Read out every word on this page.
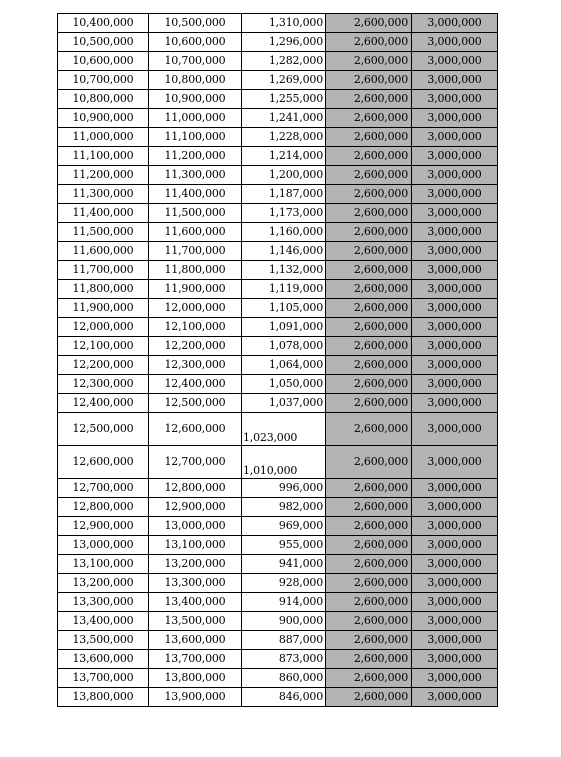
10,400,000	10,500,000	1,310,000	2,600,000	3,000,000
10,500,000	10,600,000	1,296,000	2,600,000	3,000,000
10,600,000	10,700,000	1,282,000	2,600,000	3,000,000
10,700,000	10,800,000	1,269,000	2,600,000	3,000,000
10,800,000	10,900,000	1,255,000	2,600,000	3,000,000
10,900,000	11,000,000	1,241,000	2,600,000	3,000,000
11,000,000	11,100,000	1,228,000	2,600,000	3,000,000
11,100,000	11,200,000	1,214,000	2,600,000	3,000,000
11,200,000	11,300,000	1,200,000	2,600,000	3,000,000
11,300,000	11,400,000	1,187,000	2,600,000	3,000,000
11,400,000	11,500,000	1,173,000	2,600,000	3,000,000
11,500,000	11,600,000	1,160,000	2,600,000	3,000,000
11,600,000	11,700,000	1,146,000	2,600,000	3,000,000
11,700,000	11,800,000	1,132,000	2,600,000	3,000,000
11,800,000	11,900,000	1,119,000	2,600,000	3,000,000
11,900,000	12,000,000	1,105,000	2,600,000	3,000,000
12,000,000	12,100,000	1,091,000	2,600,000	3,000,000
12,100,000	12,200,000	1,078,000	2,600,000	3,000,000
12,200,000	12,300,000	1,064,000	2,600,000	3,000,000
12,300,000	12,400,000	1,050,000	2,600,000	3,000,000
12,400,000	12,500,000	1,037,000	2,600,000	3,000,000
12,500,000	12,600,000	1,023,000	2,600,000	3,000,000
12,600,000	12,700,000	1,010,000	2,600,000	3,000,000
12,700,000	12,800,000	996,000	2,600,000	3,000,000
12,800,000	12,900,000	982,000	2,600,000	3,000,000
12,900,000	13,000,000	969,000	2,600,000	3,000,000
13,000,000	13,100,000	955,000	2,600,000	3,000,000
13,100,000	13,200,000	941,000	2,600,000	3,000,000
13,200,000	13,300,000	928,000	2,600,000	3,000,000
13,300,000	13,400,000	914,000	2,600,000	3,000,000
13,400,000	13,500,000	900,000	2,600,000	3,000,000
13,500,000	13,600,000	887,000	2,600,000	3,000,000
13,600,000	13,700,000	873,000	2,600,000	3,000,000
13,700,000	13,800,000	860,000	2,600,000	3,000,000
13,800,000	13,900,000	846,000	2,600,000	3,000,000
